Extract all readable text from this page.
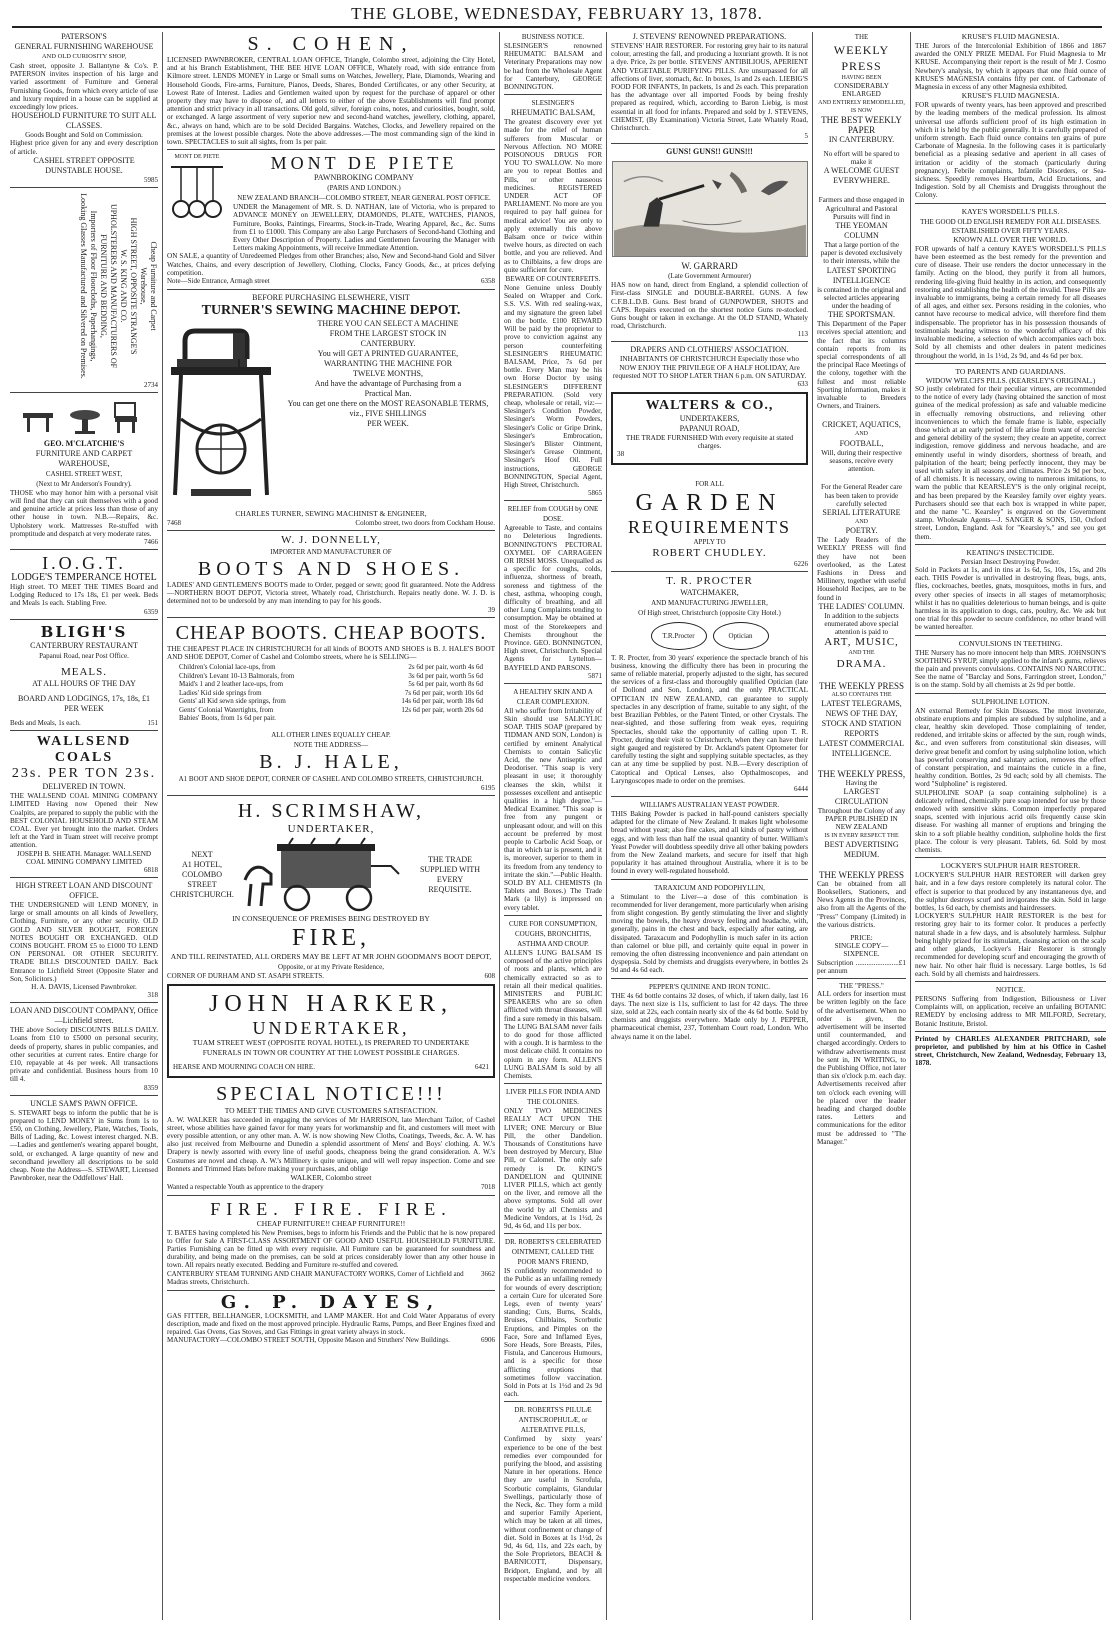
THE GLOBE, WEDNESDAY, FEBRUARY 13, 1878.
PATERSON'S
GENERAL FURNISHING WAREHOUSE
AND OLD CURIOSITY SHOP,
Cash street, opposite J. Ballantyne & Co's. P. PATERSON invites inspection of his large and varied assortment of Furniture and General Furnishing Goods, from which every article of use and luxury required in a house can be supplied at exceedingly low prices.
HOUSEHOLD FURNITURE TO SUIT ALL CLASSES.
Goods Bought and Sold on Commission.
Highest price given for any and every description of article.
CASHEL STREET OPPOSITE DUNSTABLE HOUSE.
5985
Cheap Furniture and Carpet
Warehouse,
HIGH STREET, OPPOSITE STRANGE'S
W. S. KING AND CO.
UPHOLSTERERS AND MANUFACTURERS OF
FURNITURE AND BEDDING,
Importers of Floor Floorcloths, Paperhangings,
Looking Glasses Manufactured and Silvered on Premises.
2734
GEO. M'CLATCHIE'S
FURNITURE AND CARPET WAREHOUSE,
CASHEL STREET WEST,
(Next to Mr Anderson's Foundry).
THOSE who may honor him with a personal visit will find that they can suit themselves with a good and genuine article at prices less than those of any other house in town. N.B.—Repairs, &c. Upholstery work. Mattresses Re-stuffed with promptitude and despatch at very moderate rates.
7466
I.O.G.T.
LODGE'S TEMPERANCE HOTEL
High street. TO MEET THE TIMES Board and Lodging Reduced to 17s 18s, £1 per week. Beds and Meals 1s each. Stabling Free.
6359
BLIGH'S
CANTERBURY RESTAURANT
Papanui Road, near Post Office.
MEALS.
AT ALL HOURS OF THE DAY
BOARD AND LODGINGS, 17s, 18s, £1 PER WEEK
Beds and Meals, 1s each.	151
WALLSEND COALS
23s. PER TON 23s.
DELIVERED IN TOWN.
THE WALLSEND COAL MINING COMPANY LIMITED Having now Opened their New Coalpits, are prepared to supply the public with the BEST COLONIAL HOUSEHOLD AND STEAM COAL. Ever yet brought into the market. Orders left at the Yard in Tuam street will receive prompt attention.
JOSEPH B. SHEATH. Manager. WALLSEND COAL MINING COMPANY LIMITED
6818
HIGH STREET LOAN AND DISCOUNT OFFICE.
THE UNDERSIGNED will LEND MONEY, in large or small amounts on all kinds of Jewellery, Clothing, Furniture, or any other security. OLD GOLD AND SILVER BOUGHT, FOREIGN NOTES BOUGHT OR EXCHANGED. OLD COINS BOUGHT. FROM £5 to £1000 TO LEND ON PERSONAL OR OTHER SECURITY. TRADE BILLS DISCOUNTED DAILY. Back Entrance to Lichfield Street (Opposite Slater and Son, Solicitors.)
H. A. DAVIS, Licensed Pawnbroker.
318
LOAN AND DISCOUNT COMPANY, Office—Lichfield street.
THE above Society DISCOUNTS BILLS DAILY. Loans from £10 to £5000 on personal security, deeds of property, shares in public companies, and other securities at current rates. Entire charge for £10, repayable at 4s per week. All transactions private and confidential. Business hours from 10 till 4.
8359
UNCLE SAM'S PAWN OFFICE.
S. STEWART begs to inform the public that he is prepared to LEND MONEY in Sums from 1s to £50, on Clothing, Jewellery, Plate, Watches, Tools, Bills of Lading, &c. Lowest interest charged. N.B.—Ladies and gentlemen's wearing apparel bought, sold, or exchanged. A large quantity of new and secondhand jewellery all descriptions to be sold cheap. Note the Address—S. STEWART, Licensed Pawnbroker, near the Oddfellows' Hall.
S. COHEN,
LICENSED PAWNBROKER, CENTRAL LOAN OFFICE, Triangle, Colombo street, adjoining the City Hotel, and at his Branch Establishment, THE BEE HIVE LOAN OFFICE, Whately road, with side entrance from Kilmore street. LENDS MONEY in Large or Small sums on Watches, Jewellery, Plate, Diamonds, Wearing and Household Goods, Fire-arms, Furniture, Pianos, Deeds, Shares, Bonded Certificates, or any other Security, at Lowest Rate of Interest. Ladies and Gentlemen waited upon by request for the purchase of apparel or other property they may have to dispose of, and all letters to either of the above Establishments will find prompt attention and strict privacy in all transactions. Old gold, silver, foreign coins, notes, and curiosities, bought, sold, or exchanged. A large assortment of very superior new and second-hand watches, jewellery, clothing, apparel, &c., always on hand, which are to be sold Decided Bargains. Watches, Clocks, and Jewellery repaired on the premises at the lowest possible charges. Note the above addresses.—The most commanding sign of the kind in town. SPECTACLES to suit all sights, from 1s per pair.
MONT DE PIETE	MONT DE PIETE
PAWNBROKING COMPANY
(PARIS AND LONDON.)
NEW ZEALAND BRANCH—COLOMBO STREET, NEAR GENERAL POST OFFICE.
UNDER the Management of MR. S. D. NATHAN, late of Victoria, who is prepared to ADVANCE MONEY on JEWELLERY, DIAMONDS, PLATE, WATCHES, PIANOS, Furniture, Books, Paintings, Firearms, Stock-in-Trade, Wearing Apparel, &c., &c. Sums from £1 to £1000. This Company are also Large Purchasers of Second-hand Clothing and Every Other Description of Property. Ladies and Gentlemen favouring the Manager with Letters making Appointments, will receive Immediate Attention.
ON SALE, a quantity of Unredeemed Pledges from other Branches; also, New and Second-hand Gold and Silver Watches, Chains, and every description of Jewellery, Clothing, Clocks, Fancy Goods, &c., at prices defying competition.
Note—Side Entrance, Armagh street	6358
BEFORE PURCHASING ELSEWHERE, VISIT
TURNER'S SEWING MACHINE DEPOT.
THERE YOU CAN SELECT A MACHINE
FROM THE LARGEST STOCK IN
CANTERBURY.
You will GET A PRINTED GUARANTEE,
WARRANTING THE MACHINE FOR
TWELVE MONTHS,
And have the advantage of Purchasing from a
Practical Man.
You can get one there on the MOST REASONABLE TERMS, viz., FIVE SHILLINGS
PER WEEK.
CHARLES TURNER, SEWING MACHINIST & ENGINEER,
7468	Colombo street, two doors from Cockham House.
W. J. DONNELLY,
IMPORTER AND MANUFACTURER OF
BOOTS AND SHOES.
LADIES' AND GENTLEMEN'S BOOTS made to Order, pegged or sewn; good fit guaranteed. Note the Address—NORTHERN BOOT DEPOT, Victoria street, Whately road, Christchurch. Repairs neatly done. W. J. D. is determined not to be undersold by any man intending to pay for his goods.
39
CHEAP BOOTS. CHEAP BOOTS.
THE CHEAPEST PLACE IN CHRISTCHURCH for all kinds of BOOTS AND SHOES is B. J. HALE'S BOOT AND SHOE DEPOT, Corner of Cashel and Colombo streets, where he is SELLING—
Children's Colonial lace-ups, from	2s 6d per pair, worth 4s 6d
Children's Levant 10-13 Balmorals, from	3s 6d per pair, worth 5s 6d
Maid's 1 and 2 leather lace-ups, from	5s 6d per pair, worth 8s 6d
Ladies' Kid side springs from	7s 6d per pair, worth 10s 6d
Gents' all Kid sewn side springs, from	14s 6d per pair, worth 18s 6d
Gents' Colonial Watertights, from	12s 6d per pair, worth 20s 6d
Babies' Boots, from 1s 6d per pair.
ALL OTHER LINES EQUALLY CHEAP.
NOTE THE ADDRESS—
B. J. HALE,
A1 BOOT AND SHOE DEPOT, CORNER OF CASHEL AND COLOMBO STREETS, CHRISTCHURCH.
6195
H. SCRIMSHAW,
UNDERTAKER,
NEXT
A1 HOTEL,
COLOMBO STREET
CHRISTCHURCH.
THE TRADE
SUPPLIED WITH
EVERY
REQUISITE.
IN CONSEQUENCE OF PREMISES BEING DESTROYED BY
FIRE,
AND TILL REINSTATED, ALL ORDERS MAY BE LEFT AT MR JOHN GOODMAN'S BOOT DEPOT,
Opposite, or at my Private Residence,
CORNER OF DURHAM AND ST. ASAPH STREETS.	608
JOHN HARKER,
UNDERTAKER,
TUAM STREET WEST (OPPOSITE ROYAL HOTEL), IS PREPARED TO UNDERTAKE FUNERALS IN TOWN OR COUNTRY AT THE LOWEST POSSIBLE CHARGES.
HEARSE AND MOURNING COACH ON HIRE.	6421
SPECIAL NOTICE!!!
TO MEET THE TIMES AND GIVE CUSTOMERS SATISFACTION.
A. W. WALKER has succeeded in engaging the services of Mr HARRISON, late Merchant Tailor, of Cashel street, whose abilities have gained favor for many years for workmanship and fit, and customers will meet with every possible attention, or any other man. A. W. is now showing New Cloths, Coatings, Tweeds, &c. A. W. has also just received from Melbourne and Dunedin a splendid assortment of Mens' and Boys' clothing. A. W.'s Drapery is newly assorted with every line of useful goods, cheapness being the grand consideration. A. W.'s Costumes are novel and cheap. A. W.'s Millinery is quite unique, and will well repay inspection. Come and see Bonnets and Trimmed Hats before making your purchases, and oblige
WALKER, Colombo street
Wanted a respectable Youth as apprentice to the drapery	7018
FIRE. FIRE. FIRE.
CHEAP FURNITURE!! CHEAP FURNITURE!!
T. BATES having completed his New Premises, begs to inform his Friends and the Public that he is now prepared to Offer for Sale A FIRST-CLASS ASSORTMENT OF GOOD AND USEFUL HOUSEHOLD FURNITURE. Parties Furnishing can be fitted up with every requisite. All Furniture can be guaranteed for soundness and durability, and being made on the premises, can be sold at prices considerably lower than any other house in town. All repairs neatly executed. Bedding and Furniture re-stuffed and covered.
CANTERBURY STEAM TURNING AND CHAIR MANUFACTORY WORKS, Corner of Lichfield and Madras streets, Christchurch.
3662
G. P. DAYES,
GAS FITTER, BELLHANGER, LOCKSMITH, and LAMP MAKER. Hot and Cold Water Apparatus of every description, made and fixed on the most approved principle. Hydraulic Rams, Pumps, and Beer Engines fixed and repaired. Gas Ovens, Gas Stoves, and Gas Fittings in great variety always in stock.
MANUFACTORY—COLOMBO STREET SOUTH, Opposite Mason and Struthers' New Buildings.	6906
BUSINESS NOTICE.
SLESINGER'S renowned RHEUMATIC BALSAM and Veterinary Preparations may now be had from the Wholesale Agent for Canterbury, GEORGE BONNINGTON.
SLESINGER'S
RHEUMATIC BALSAM,
The greatest discovery ever yet made for the relief of human sufferers from Muscular or Nervous Affection. NO MORE POISONOUS DRUGS FOR YOU TO SWALLOW. No more are you to repeat Bottles and Pills, or other nauseous medicines. REGISTERED UNDER ACT OF PARLIAMENT. No more are you required to pay half guinea for medical advice! You are only to apply externally this above Balsam once or twice within twelve hours, as directed on each bottle, and you are relieved. And as to Chilblains, a few drops are quite sufficient for cure.
BEWARE OF COUNTERFEITS.
None Genuine unless Doubly Sealed on Wrapper and Cork. S.S. V.S. With red sealing-wax, and my signature the green label on the bottle. £100 REWARD Will be paid by the proprietor to prove to conviction against any person counterfeiting SLESINGER'S RHEUMATIC BALSAM, Price, 7s 6d per bottle. Every Man may be his own Horse Doctor by using SLESINGER'S DIFFERENT PREPARATION. (Sold very cheap, wholesale or retail, viz:— Slesinger's Condition Powder, Slesinger's Worm Powders, Slesinger's Colic or Gripe Drink, Slesinger's Embrocation, Slesinger's Blister Ointment, Slesinger's Grease Ointment, Slesinger's Hoof Oil. Full instructions, GEORGE BONNINGTON, Special Agent, High Street, Christchurch.
5865
RELIEF from COUGH by ONE DOSE.
Agreeable to Taste, and contains no Deleterious Ingredients. BONNINGTON'S PECTORAL OXYMEL OF CARRAGEEN OR IRISH MOSS. Unequalled as a specific for coughs, colds, influenza, shortness of breath, soreness and tightness of the chest, asthma, whooping cough, difficulty of breathing, and all other Lung Complaints tending to consumption. May be obtained at most of the Storekeepers and Chemists throughout the Province. GEO. BONNINGTON, High street, Christchurch. Special Agents for Lyttelton—BAYFIELD AND PARSONS.
5871
A HEALTHY SKIN AND A CLEAR COMPLEXION.
All who suffer from Irritability of Skin should use SALICYLIC SOAP. THIS SOAP (prepared by TIDMAN AND SON, London) is certified by eminent Analytical Chemists to contain Salicylic Acid, the new Antiseptic and Deodoriser. "This soap is very pleasant in use; it thoroughly cleanses the skin, whilst it possesses excellent and antiseptic qualities in a high degree."—Medical Examiner. "This soap is free from any pungent or unpleasant odour, and will on this account be preferred by most people to Carbolic Acid Soap, or that in which tar is present, and it is, moreover, superior to them in its freedom from any tendency to irritate the skin."—Public Health. SOLD BY ALL CHEMISTS (In Tablets and Boxes.) The Trade Mark (a lily) is impressed on every tablet.
CURE FOR CONSUMPTION, COUGHS, BRONCHITIS, ASTHMA AND CROUP.
ALLEN'S LUNG BALSAM IS composed of the active principles of roots and plants, which are chemically extracted so as to retain all their medical qualities. MINISTERS and PUBLIC SPEAKERS who are so often afflicted with throat diseases, will find a sure remedy in this balsam. The LUNG BALSAM never fails to do good for those afflicted with a cough. It is harmless to the most delicate child. It contains no opium in any form. ALLEN'S LUNG BALSAM Is sold by all Chemists.
LIVER PILLS FOR INDIA AND THE COLONIES.
ONLY TWO MEDICINES REALLY ACT UPON THE LIVER; ONE Mercury or Blue Pill, the other Dandelion. Thousands of Constitutions have been destroyed by Mercury, Blue Pill, or Calomel. The only safe remedy is Dr. KING'S DANDELION and QUININE LIVER PILLS, which act gently on the liver, and remove all the above symptoms. Sold all over the world by all Chemists and Medicine Vendors, at 1s 1½d, 2s 9d, 4s 6d, and 11s per box.
DR. ROBERTS'S CELEBRATED OINTMENT, CALLED THE POOR MAN'S FRIEND,
IS confidently recommended to the Public as an unfailing remedy for wounds of every description; a certain Cure for ulcerated Sore Legs, even of twenty years' standing; Cuts, Burns, Scalds, Bruises, Chilblains, Scorbutic Eruptions, and Pimples on the Face, Sore and Inflamed Eyes, Sore Heads, Sore Breasts, Piles, Fistula, and Cancerous Humours, and is a specific for those afflicting eruptions that sometimes follow vaccination. Sold in Pots at 1s 1½d and 2s 9d each.
DR. ROBERTS'S PILULÆ ANTISCROPHULÆ, or ALTERATIVE PILLS,
Confirmed by sixty years' experience to be one of the best remedies ever compounded for purifying the blood, and assisting Nature in her operations. Hence they are useful in Scrofula, Scorbutic complaints, Glandular Swellings, particularly those of the Neck, &c. They form a mild and superior Family Aperient, which may be taken at all times, without confinement or change of diet. Sold in Boxes at 1s 1½d, 2s 9d, 4s 6d, 11s, and 22s each, by the Sole Proprietors, BEACH & BARNICOTT, Dispensary, Bridport, England, and by all respectable medicine vendors.
J. STEVENS' RENOWNED PREPARATIONS.
STEVENS' HAIR RESTORER. For restoring grey hair to its natural colour, arresting the fall, and producing a luxuriant growth. It is not a dye. Price, 2s per bottle. STEVENS' ANTIBILIOUS, APERIENT AND VEGETABLE PURIFYING PILLS. Are unsurpassed for all affections of liver, stomach, &c. In boxes, 1s and 2s each. LIEBIG'S FOOD FOR INFANTS, In packets, 1s and 2s each. This preparation has the advantage over all imported Foods by being freshly prepared as required, which, according to Baron Liebig, is most essential in all food for infants. Prepared and sold by J. STEVENS, CHEMIST, (By Examination) Victoria Street, Late Whately Road, Christchurch.
5
GUNS! GUNS!! GUNS!!!
W. GARRARD
(Late Government Armourer)
HAS now on hand, direct from England, a splendid collection of First-class SINGLE and DOUBLE-BARREL GUNS. A few C.F.B.L.D.B. Guns. Best brand of GUNPOWDER, SHOTS and CAPS. Repairs executed on the shortest notice Guns re-stocked. Guns bought or taken in exchange. At the OLD STAND, Whately road, Christchurch.
113
DRAPERS AND CLOTHIERS' ASSOCIATION.
INHABITANTS OF CHRISTCHURCH Especially those who NOW ENJOY THE PRIVILEGE OF A HALF HOLIDAY, Are requested NOT TO SHOP LATER THAN 6 p.m. ON SATURDAY.
633
WALTERS & CO.,
UNDERTAKERS,
PAPANUI ROAD,
THE TRADE FURNISHED With every requisite at stated charges.
38
FOR ALL
GARDEN
REQUIREMENTS
APPLY TO
ROBERT CHUDLEY.
6226
T. R. PROCTER
WATCHMAKER,
AND MANUFACTURING JEWELLER,
Of High street, Christchurch (opposite City Hotel.)
T.R.Procter	Optician
T. R. Procter, from 30 years' experience the spectacle branch of his business, knowing the difficulty there has been in procuring the same of reliable material, properly adjusted to the sight, has secured the services of a first-class and thoroughly qualified Optician (late of Dollond and Son, London), and the only PRACTICAL OPTICIAN IN NEW ZEALAND, can guarantee to supply spectacles in any description of frame, suitable to any sight, of the best Brazilian Pebbles, or the Patent Tinted, or other Crystals. The near-sighted, and those suffering from weak eyes, requiring Spectacles, should take the opportunity of calling upon T. R. Procter, during their visit to Christchurch, when they can have their sight gauged and registered by Dr. Ackland's patent Optometer for carefully testing the sight and supplying suitable spectacles, as they can at any time be supplied by post. N.B.—Every description of Catoptical and Optical Lenses, also Opthalmoscopes, and Laryngoscopes made to order on the premises.
6444
WILLIAM'S AUSTRALIAN YEAST POWDER.
THIS Baking Powder is packed in half-pound canisters specially adapted for the climate of New Zealand. It makes light wholesome bread without yeast; also fine cakes, and all kinds of pastry without eggs, and with less than half the usual quantity of butter. William's Yeast Powder will doubtless speedily drive all other baking powders from the New Zealand markets, and secure for itself that high popularity it has attained throughout Australia, where it is to be found in every well-regulated household.
TARAXICUM AND PODOPHYLLIN,
a Stimulant to the Liver—a dose of this combination is recommended for liver derangement, more particularly when arising from slight congestion. By gently stimulating the liver and slightly moving the bowels, the heavy drowsy feeling and headache, with, generally, pains in the chest and back, especially after eating, are dissipated. Taraxacum and Podophyllin is much safer in its action than calomel or blue pill, and certainly quite equal in power in removing the often distressing inconvenience and pain attendant on dyspepsia. Sold by chemists and druggists everywhere, in bottles 2s 9d and 4s 6d each.
PEPPER'S QUININE AND IRON TONIC.
THE 4s 6d bottle contains 32 doses, of which, if taken daily, last 16 days. The next size is 11s, sufficient to last for 42 days. The three size, sold at 22s, each contain nearly six of the 4s 6d bottle. Sold by chemists and druggists everywhere. Made only by J. PEPPER, pharmaceutical chemist, 237, Tottenham Court road, London. Who always name it on the label.
THE
WEEKLY PRESS
HAVING BEEN
CONSIDERABLY ENLARGED
AND ENTIRELY REMODELLED, IS NOW
THE BEST WEEKLY PAPER
IN CANTERBURY.
No effort will be spared to make it
A WELCOME GUEST EVERYWHERE.
Farmers and those engaged in Agricultural and Pastoral Pursuits will find in
THE YEOMAN COLUMN
That a large portion of the paper is devoted exclusively to their interests, while the
LATEST SPORTING INTELLIGENCE
is contained in the original and selected articles appearing under the heading of
THE SPORTSMAN.
This Department of the Paper receives special attention; and the fact that its columns contain reports from its special correspondents of all the principal Race Meetings of the colony, together with the fullest and most reliable Sporting information, makes it invaluable to Breeders Owners, and Trainers.
CRICKET, AQUATICS,
AND
FOOTBALL,
Will, during their respective seasons, receive every attention.
For the General Reader care has been taken to provide carefully selected
SERIAL LITERATURE
AND
POETRY.
The Lady Readers of the WEEKLY PRESS will find they have not been overlooked, as the Latest Fashions in Dress and Millinery, together with useful Household Recipes, are to be found in
THE LADIES' COLUMN.
In addition to the subjects enumerated above special attention is paid to
ART, MUSIC,
AND THE
DRAMA.
THE WEEKLY PRESS
ALSO CONTAINS THE
LATEST TELEGRAMS,
NEWS OF THE DAY,
STOCK AND STATION REPORTS
LATEST COMMERCIAL
INTELLIGENCE.
THE WEEKLY PRESS,
Having the
LARGEST CIRCULATION
Throughout the Colony of any
PAPER PUBLISHED IN NEW ZEALAND
IS IN EVERY RESPECT THE
BEST ADVERTISING MEDIUM.
THE WEEKLY PRESS
Can be obtained from all Booksellers, Stationers, and News Agents in the Provinces, also from all the Agents of the "Press" Company (Limited) in the various districts.
PRICE:
SINGLE COPY—SIXPENCE.
Subscription ........................£1 per annum
THE "PRESS."
ALL orders for insertion must be written legibly on the face of the advertisement. When no order is given, the advertisement will be inserted until countermanded, and charged accordingly. Orders to withdraw advertisements must be sent in, IN WRITING, to the Publishing Office, not later than six o'clock p.m. each day. Advertisements received after ten o'clock each evening will be placed over the leader heading and charged double rates. Letters and communications for the editor must be addressed to "The Manager."
KRUSE'S FLUID MAGNESIA.
THE Jurors of the Intercolonial Exhibition of 1866 and 1867 awarded the ONLY PRIZE MEDAL For Fluid Magnesia to Mr KRUSE. Accompanying their report is the result of Mr J. Cosmo Newbery's analysis, by which it appears that one fluid ounce of KRUSE'S MAGNESIA contains fifty per cent. of Carbonate of Magnesia in excess of any other Magnesia exhibited.
KRUSE'S FLUID MAGNESIA.
FOR upwards of twenty years, has been approved and prescribed by the leading members of the medical profession. Its almost universal use affords sufficient proof of its high estimation in which it is held by the public generally. It is carefully prepared of uniform strength. Each fluid ounce contains ten grains of pure Carbonate of Magnesia. In the following cases it is particularly beneficial as a pleasing sedative and aperient in all cases of irritation or acidity of the stomach (particularly during pregnancy), Febrile complaints, Infantile Disorders, or Sea-sickness. Speedily removes Heartburn, Acid Eructations, and Indigestion. Sold by all Chemists and Druggists throughout the Colony.
KAYE'S WORSDELL'S PILLS.
THE GOOD OLD ENGLISH REMEDY FOR ALL DISEASES.
ESTABLISHED OVER FIFTY YEARS.
KNOWN ALL OVER THE WORLD.
FOR upwards of half a century KAYE'S WORSDELL'S PILLS have been esteemed as the best remedy for the prevention and cure of disease. Their use renders the doctor unnecessary in the family. Acting on the blood, they purify it from all humors, rendering life-giving fluid healthy in its action, and consequently restoring and establishing the health of the invalid. These Pills are invaluable to immigrants, being a certain remedy for all diseases of all ages, and either sex. Persons residing in the colonies, who cannot have recourse to medical advice, will therefore find them indispensable. The proprietor has in his possession thousands of testimonials bearing witness to the wonderful efficacy of this invaluable medicine, a selection of which accompanies each box. Sold by all chemists and other dealers in patent medicines throughout the world, in 1s 1½d, 2s 9d, and 4s 6d per box.
TO PARENTS AND GUARDIANS.
WIDOW WELCH'S PILLS. (KEARSLEY'S ORIGINAL.)
SO justly celebrated for their peculiar virtues, are recommended to the notice of every lady (having obtained the sanction of most guinea of the medical profession) as safe and valuable medicine in effectually removing obstructions, and relieving other inconveniences to which the female frame is liable, especially those which at an early period of life arise from want of exercise and general debility of the system; they create an appetite, correct indigestion, remove giddiness and nervous headache, and are eminently useful in windy disorders, shortness of breath, and palpitation of the heart; being perfectly innocent, they may be used with safety in all seasons and climates. Price 2s 9d per box, of all chemists. It is necessary, owing to numerous imitations, to warn the public that KEARSLEY'S is the only original receipt, and has been prepared by the Kearsley family over eighty years. Purchasers should see that each box is wrapped in white paper, and the name "C. Kearsley" is engraved on the Government stamp. Wholesale Agents—J. SANGER & SONS, 150, Oxford street, London, England. Ask for "Kearsley's," and see you get them.
KEATING'S INSECTICIDE.
Persian Insect Destroying Powder.
Sold in Packets at 1s, and in tins at 1s 6d, 5s, 10s, 15s, and 20s each. THIS Powder is unrivalled in destroying fleas, bugs, ants, flies, cockroaches, beetles, gnats, mosquitoes, moths in furs, and every other species of insects in all stages of metamorphosis; whilst it has no qualities deleterious to human beings, and is quite harmless in its application to dogs, cats, poultry, &c. We ask but one trial for this powder to secure confidence, no other brand will be wanted hereafter.
CONVULSIONS IN TEETHING.
THE Nursery has no more innocent help than MRS. JOHNSON'S SOOTHING SYRUP, simply applied to the infant's gums, relieves the pain and prevents convulsions. CONTAINS NO NARCOTIC. See the name of "Barclay and Sons, Farringdon street, London," is on the stamp. Sold by all chemists at 2s 9d per bottle.
SULPHOLINE LOTION.
AN external Remedy for Skin Diseases. The most inveterate, obstinate eruptions and pimples are subdued by sulpholine, and a clear, healthy skin developed. Those complaining of tender, reddened, and irritable skins or affected by the sun, rough winds, &c., and even sufferers from constitutional skin diseases, will derive great benefit and comfort by using sulpholine lotion, which has powerful conserving and salutary action, removes the effect of constant perspiration, and maintains the cuticle in a fine, healthy condition. Bottles, 2s 9d each; sold by all chemists. The word "Sulpholine" is registered.
SULPHOLINE SOAP (a soap containing sulpholine) is a delicately refined, chemically pure soap intended for use by those endowed with sensitive skins. Common imperfectly prepared soaps, scented with injurious acrid oils frequently cause skin disease. For washing all manner of eruptions and bringing the skin to a soft pliable healthy condition, sulpholine holds the first place. The colour is very pleasant. Tablets, 6d. Sold by most chemists.
LOCKYER'S SULPHUR HAIR RESTORER.
LOCKYER'S SULPHUR HAIR RESTORER will darken grey hair, and in a few days restore completely its natural color. The effect is superior to that produced by any instantaneous dye, and the sulphur destroys scurf and invigorates the skin. Sold in large bottles, 1s 6d each, by chemists and hairdressers.
LOCKYER'S SULPHUR HAIR RESTORER is the best for restoring grey hair to its former color. It produces a perfectly natural shade in a few days, and is absolutely harmless. Sulphur being highly prized for its stimulant, cleansing action on the scalp and other glands, Lockyer's Hair Restorer is strongly recommended for developing scurf and encouraging the growth of new hair. No other hair fluid is necessary. Large bottles, 1s 6d each. Sold by all chemists and hairdressers.
NOTICE.
PERSONS Suffering from Indigestion, Biliousness or Liver Complaints will, on application, receive an unfailing BOTANIC REMEDY by enclosing address to MR MILFORD, Secretary, Botanic Institute, Bristol.
Printed by CHARLES ALEXANDER PRITCHARD, sole proprietor, and published by him at his Office in Cashel street, Christchurch, New Zealand, Wednesday, February 13, 1878.
